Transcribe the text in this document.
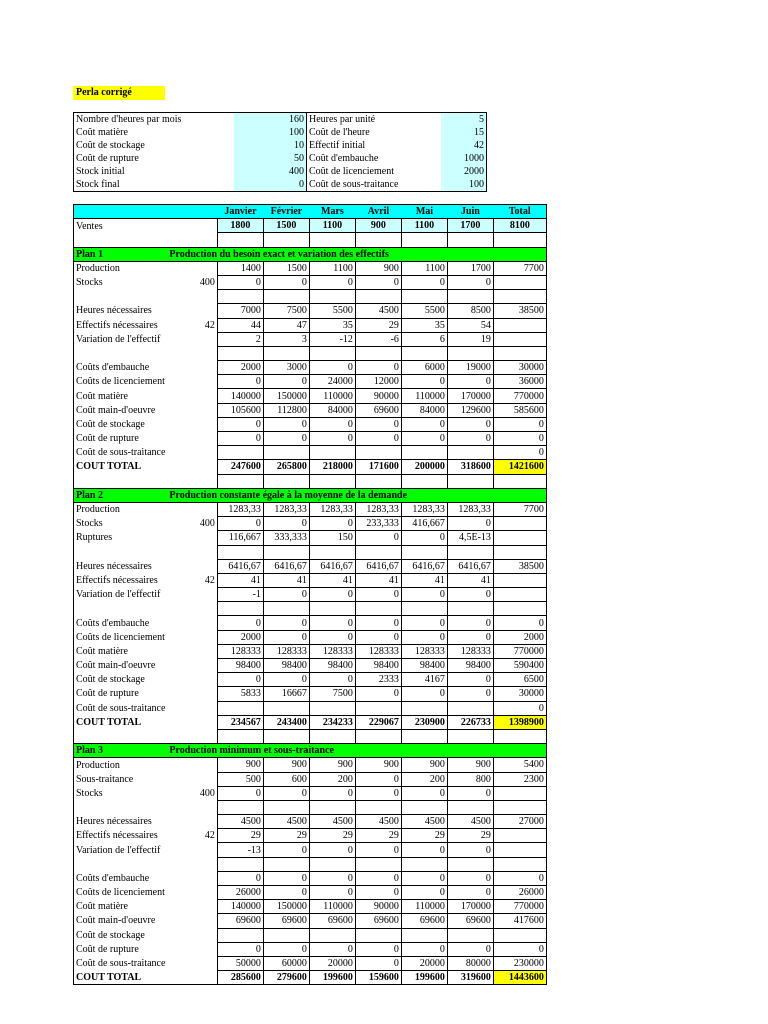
Perla corrigé
Nombre d'heures par mois	160	Heures par unité	5
Coût matière	100	Coût de l'heure	15
Coût de stockage	10	Effectif initial	42
Coût de rupture	50	Coût d'embauche	1000
Stock initial	400	Coût de licenciement	2000
Stock final	0	Coût de sous-traitance	100
		Janvier	Février	Mars	Avril	Mai	Juin	Total
Ventes		1800	1500	1100	900	1100	1700	8100

Plan 1	Production du besoin exact et variation des effectifs							
Production		1400	1500	1100	900	1100	1700	7700
Stocks	400	0	0	0	0	0	0	

Heures nécessaires		7000	7500	5500	4500	5500	8500	38500
Effectifs nécessaires	42	44	47	35	29	35	54	
Variation de l'effectif		2	3	-12	-6	6	19	

Coûts d'embauche		2000	3000	0	0	6000	19000	30000
Coûts de licenciement		0	0	24000	12000	0	0	36000
Coût matière		140000	150000	110000	90000	110000	170000	770000
Coût main-d'oeuvre		105600	112800	84000	69600	84000	129600	585600
Coût de stockage		0	0	0	0	0	0	0
Coût de rupture		0	0	0	0	0	0	0
Coût de sous-traitance								0
COUT TOTAL		247600	265800	218000	171600	200000	318600	1421600

Plan 2	Production constante égale à la moyenne de la demande							
Production		1283,33	1283,33	1283,33	1283,33	1283,33	1283,33	7700
Stocks	400	0	0	0	233,333	416,667	0	
Ruptures		116,667	333,333	150	0	0	4,5E-13	

Heures nécessaires		6416,67	6416,67	6416,67	6416,67	6416,67	6416,67	38500
Effectifs nécessaires	42	41	41	41	41	41	41	
Variation de l'effectif		-1	0	0	0	0	0	

Coûts d'embauche		0	0	0	0	0	0	0
Coûts de licenciement		2000	0	0	0	0	0	2000
Coût matière		128333	128333	128333	128333	128333	128333	770000
Coût main-d'oeuvre		98400	98400	98400	98400	98400	98400	590400
Coût de stockage		0	0	0	2333	4167	0	6500
Coût de rupture		5833	16667	7500	0	0	0	30000
Coût de sous-traitance								0
COUT TOTAL		234567	243400	234233	229067	230900	226733	1398900

Plan 3	Production minimum et sous-traitance							
Production		900	900	900	900	900	900	5400
Sous-traitance		500	600	200	0	200	800	2300
Stocks	400	0	0	0	0	0	0	

Heures nécessaires		4500	4500	4500	4500	4500	4500	27000
Effectifs nécessaires	42	29	29	29	29	29	29	
Variation de l'effectif		-13	0	0	0	0	0	

Coûts d'embauche		0	0	0	0	0	0	0
Coûts de licenciement		26000	0	0	0	0	0	26000
Coût matière		140000	150000	110000	90000	110000	170000	770000
Coût main-d'oeuvre		69600	69600	69600	69600	69600	69600	417600
Coût de stockage								
Coût de rupture		0	0	0	0	0	0	0
Coût de sous-traitance		50000	60000	20000	0	20000	80000	230000
COUT TOTAL		285600	279600	199600	159600	199600	319600	1443600
